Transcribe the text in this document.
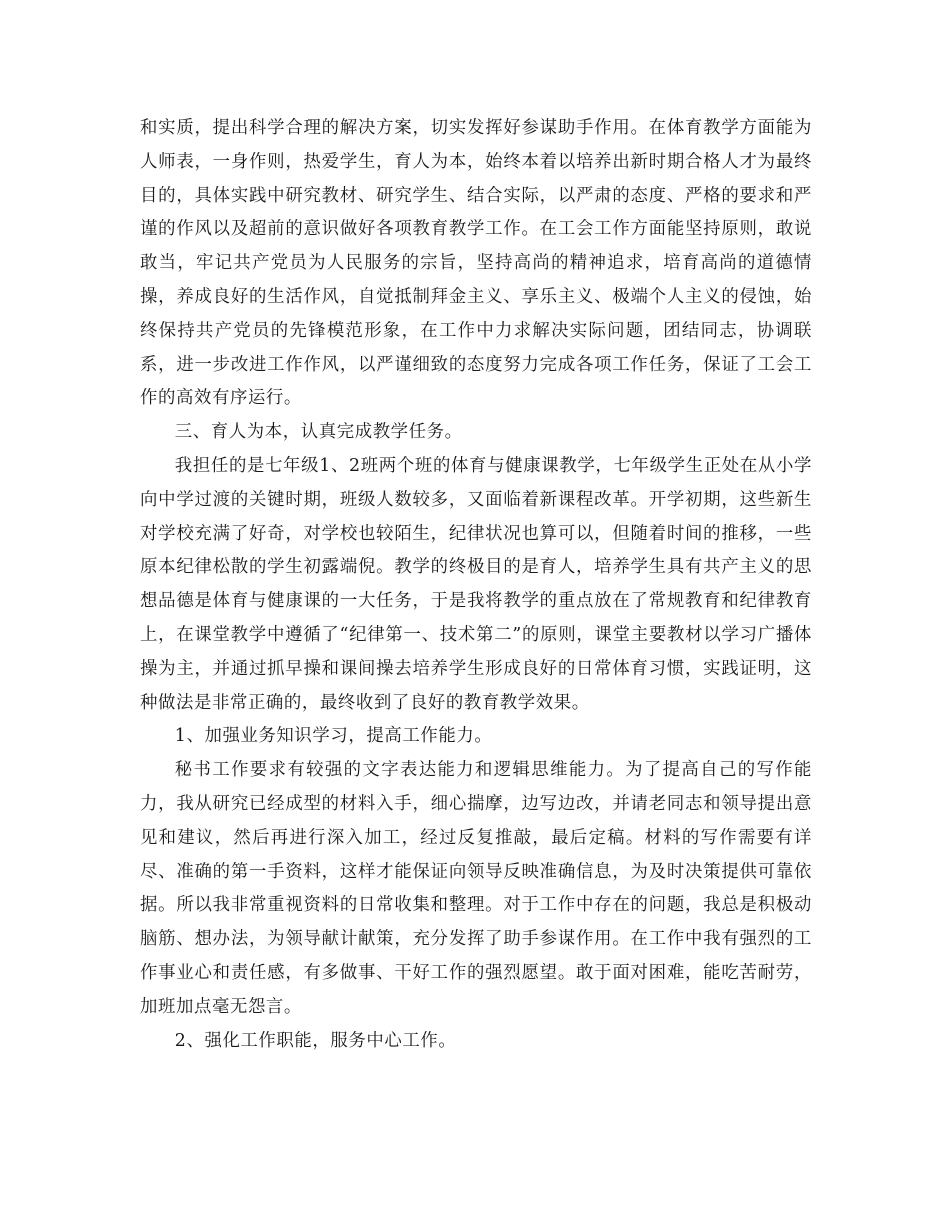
和实质，提出科学合理的解决方案，切实发挥好参谋助手作用。在体育教学方面能为人师表，一身作则，热爱学生，育人为本，始终本着以培养出新时期合格人才为最终目的，具体实践中研究教材、研究学生、结合实际，以严肃的态度、严格的要求和严谨的作风以及超前的意识做好各项教育教学工作。在工会工作方面能坚持原则，敢说敢当，牢记共产党员为人民服务的宗旨，坚持高尚的精神追求，培育高尚的道德情操，养成良好的生活作风，自觉抵制拜金主义、享乐主义、极端个人主义的侵蚀，始终保持共产党员的先锋模范形象，在工作中力求解决实际问题，团结同志，协调联系，进一步改进工作作风，以严谨细致的态度努力完成各项工作任务，保证了工会工作的高效有序运行。

三、育人为本，认真完成教学任务。

我担任的是七年级1、2班两个班的体育与健康课教学，七年级学生正处在从小学向中学过渡的关键时期，班级人数较多，又面临着新课程改革。开学初期，这些新生对学校充满了好奇，对学校也较陌生，纪律状况也算可以，但随着时间的推移，一些原本纪律松散的学生初露端倪。教学的终极目的是育人，培养学生具有共产主义的思想品德是体育与健康课的一大任务，于是我将教学的重点放在了常规教育和纪律教育上，在课堂教学中遵循了“纪律第一、技术第二”的原则，课堂主要教材以学习广播体操为主，并通过抓早操和课间操去培养学生形成良好的日常体育习惯，实践证明，这种做法是非常正确的，最终收到了良好的教育教学效果。

1、加强业务知识学习，提高工作能力。

秘书工作要求有较强的文字表达能力和逻辑思维能力。为了提高自己的写作能力，我从研究已经成型的材料入手，细心揣摩，边写边改，并请老同志和领导提出意见和建议，然后再进行深入加工，经过反复推敲，最后定稿。材料的写作需要有详尽、准确的第一手资料，这样才能保证向领导反映准确信息，为及时决策提供可靠依据。所以我非常重视资料的日常收集和整理。对于工作中存在的问题，我总是积极动脑筋、想办法，为领导献计献策，充分发挥了助手参谋作用。在工作中我有强烈的工作事业心和责任感，有多做事、干好工作的强烈愿望。敢于面对困难，能吃苦耐劳，加班加点毫无怨言。

2、强化工作职能，服务中心工作。
